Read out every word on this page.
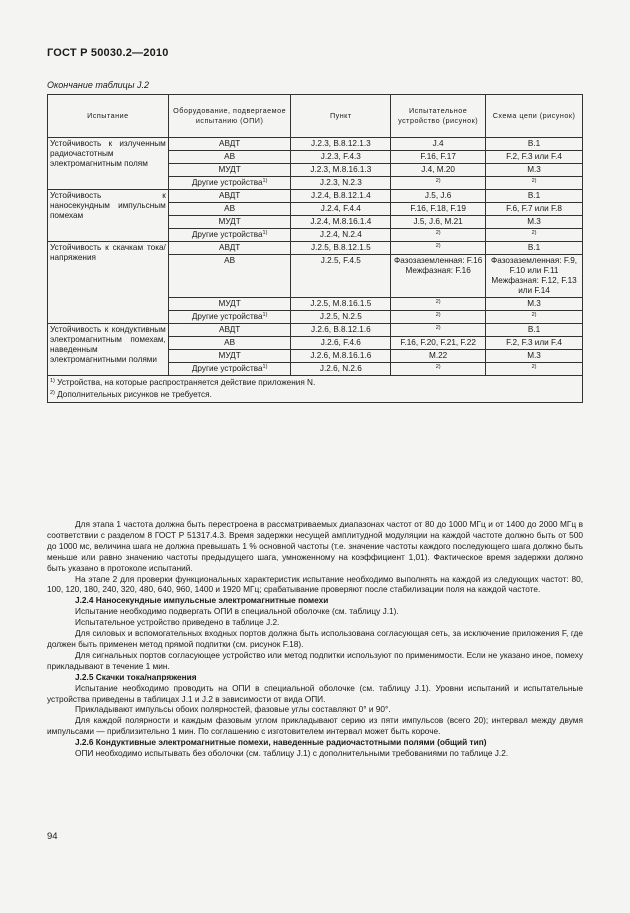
ГОСТ Р 50030.2—2010
Окончание таблицы J.2
Испытание	Оборудование, подвергаемое испытанию (ОПИ)	Пункт	Испытательное устройство (рисунок)	Схема цепи (рисунок)
Устойчивость к излученным радиочастотным электромагнитным полям	АВДТ	J.2.3, B.8.12.1.3	J.4	B.1
	АВ	J.2.3, F.4.3	F.16, F.17	F.2, F.3 или F.4
	МУДТ	J.2.3, M.8.16.1.3	J.4, M.20	M.3
	Другие устройства$^{1)}$	J.2.3, N.2.3	$^{2)}$	$^{2)}$
Устойчивость к наносекундным импульсным помехам	АВДТ	J.2.4, B.8.12.1.4	J.5, J.6	B.1
	АВ	J.2.4, F.4.4	F.16, F.18, F.19	F.6, F.7 или F.8
	МУДТ	J.2.4, M.8.16.1.4	J.5, J.6, M.21	M.3
	Другие устройства$^{1)}$	J.2.4, N.2.4	$^{2)}$	$^{2)}$
Устойчивость к скачкам тока/напряжения	АВДТ	J.2.5, B.8.12.1.5	$^{2)}$	B.1
	АВ	J.2.5, F.4.5	Фазозаземленная: F.16 Межфазная: F.16	Фазозаземленная: F.9, F.10 или F.11 Межфазная: F.12, F.13 или F.14
	МУДТ	J.2.5, M.8.16.1.5	$^{2)}$	M.3
	Другие устройства$^{1)}$	J.2.5, N.2.5	$^{2)}$	$^{2)}$
Устойчивость к кондуктивным электромагнитным помехам, наведенным электромагнитными полями	АВДТ	J.2.6, B.8.12.1.6	$^{2)}$	B.1
	АВ	J.2.6, F.4.6	F.16, F.20, F.21, F.22	F.2, F.3 или F.4
	МУДТ	J.2.6, M.8.16.1.6	M.22	M.3
	Другие устройства$^{1)}$	J.2.6, N.2.6	$^{2)}$	$^{2)}$

$^{1)}$ Устройства, на которые распространяется действие приложения N.
$^{2)}$ Дополнительных рисунков не требуется.				

Для этапа 1 частота должна быть перестроена в рассматриваемых диапазонах частот от 80 до 1000 МГц и от 1400 до 2000 МГц в соответствии с разделом 8 ГОСТ Р 51317.4.3. Время задержки несущей амплитудной модуляции на каждой частоте должно быть от 500 до 1000 мс, величина шага не должна превышать 1 % основной частоты (т.е. значение частоты каждого последующего шага должно быть меньше или равно значению частоты предыдущего шага, умноженному на коэффициент 1,01). Фактическое время задержки должно быть указано в протоколе испытаний.

На этапе 2 для проверки функциональных характеристик испытание необходимо выполнять на каждой из следующих частот: 80, 100, 120, 180, 240, 320, 480, 640, 960, 1400 и 1920 МГц; срабатывание проверяют после стабилизации поля на каждой частоте.

J.2.4 Наносекундные импульсные электромагнитные помехи

Испытание необходимо подвергать ОПИ в специальной оболочке (см. таблицу J.1).

Испытательное устройство приведено в таблице J.2.

Для силовых и вспомогательных входных портов должна быть использована согласующая сеть, за исключение приложения F, где должен быть применен метод прямой подпитки (см. рисунок F.18).

Для сигнальных портов согласующее устройство или метод подпитки используют по применимости. Если не указано иное, помеху прикладывают в течение 1 мин.

J.2.5 Скачки тока/напряжения

Испытание необходимо проводить на ОПИ в специальной оболочке (см. таблицу J.1). Уровни испытаний и испытательные устройства приведены в таблицах J.1 и J.2 в зависимости от вида ОПИ.

Прикладывают импульсы обоих полярностей, фазовые углы составляют 0° и 90°.

Для каждой полярности и каждым фазовым углом прикладывают серию из пяти импульсов (всего 20); интервал между двумя импульсами — приблизительно 1 мин. По соглашению с изготовителем интервал может быть короче.

J.2.6 Кондуктивные электромагнитные помехи, наведенные радиочастотными полями (общий тип)

ОПИ необходимо испытывать без оболочки (см. таблицу J.1) с дополнительными требованиями по таблице J.2.

94
